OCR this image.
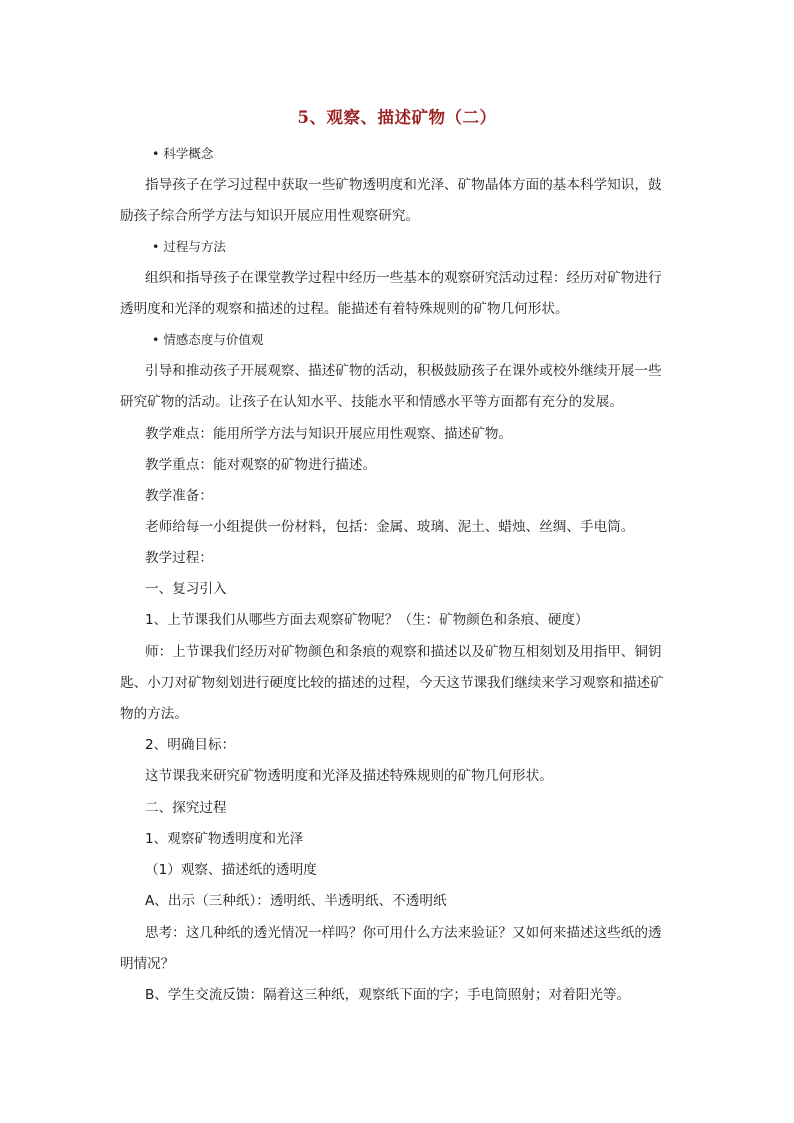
5、观察、描述矿物（二）
• 科学概念
指导孩子在学习过程中获取一些矿物透明度和光泽、矿物晶体方面的基本科学知识，鼓
励孩子综合所学方法与知识开展应用性观察研究。
• 过程与方法
组织和指导孩子在课堂教学过程中经历一些基本的观察研究活动过程：经历对矿物进行
透明度和光泽的观察和描述的过程。能描述有着特殊规则的矿物几何形状。
• 情感态度与价值观
引导和推动孩子开展观察、描述矿物的活动，积极鼓励孩子在课外或校外继续开展一些
研究矿物的活动。让孩子在认知水平、技能水平和情感水平等方面都有充分的发展。
教学难点：能用所学方法与知识开展应用性观察、描述矿物。
教学重点：能对观察的矿物进行描述。
教学准备：
老师给每一小组提供一份材料，包括：金属、玻璃、泥土、蜡烛、丝绸、手电筒。
教学过程：
一、复习引入
1、上节课我们从哪些方面去观察矿物呢？（生：矿物颜色和条痕、硬度）
师：上节课我们经历对矿物颜色和条痕的观察和描述以及矿物互相刻划及用指甲、铜钥
匙、小刀对矿物刻划进行硬度比较的描述的过程，今天这节课我们继续来学习观察和描述矿
物的方法。
2、明确目标：
这节课我来研究矿物透明度和光泽及描述特殊规则的矿物几何形状。
二、探究过程
1、观察矿物透明度和光泽
（1）观察、描述纸的透明度
A、出示（三种纸）：透明纸、半透明纸、不透明纸
思考：这几种纸的透光情况一样吗？你可用什么方法来验证？又如何来描述这些纸的透
明情况？
B、学生交流反馈：隔着这三种纸，观察纸下面的字；手电筒照射；对着阳光等。
